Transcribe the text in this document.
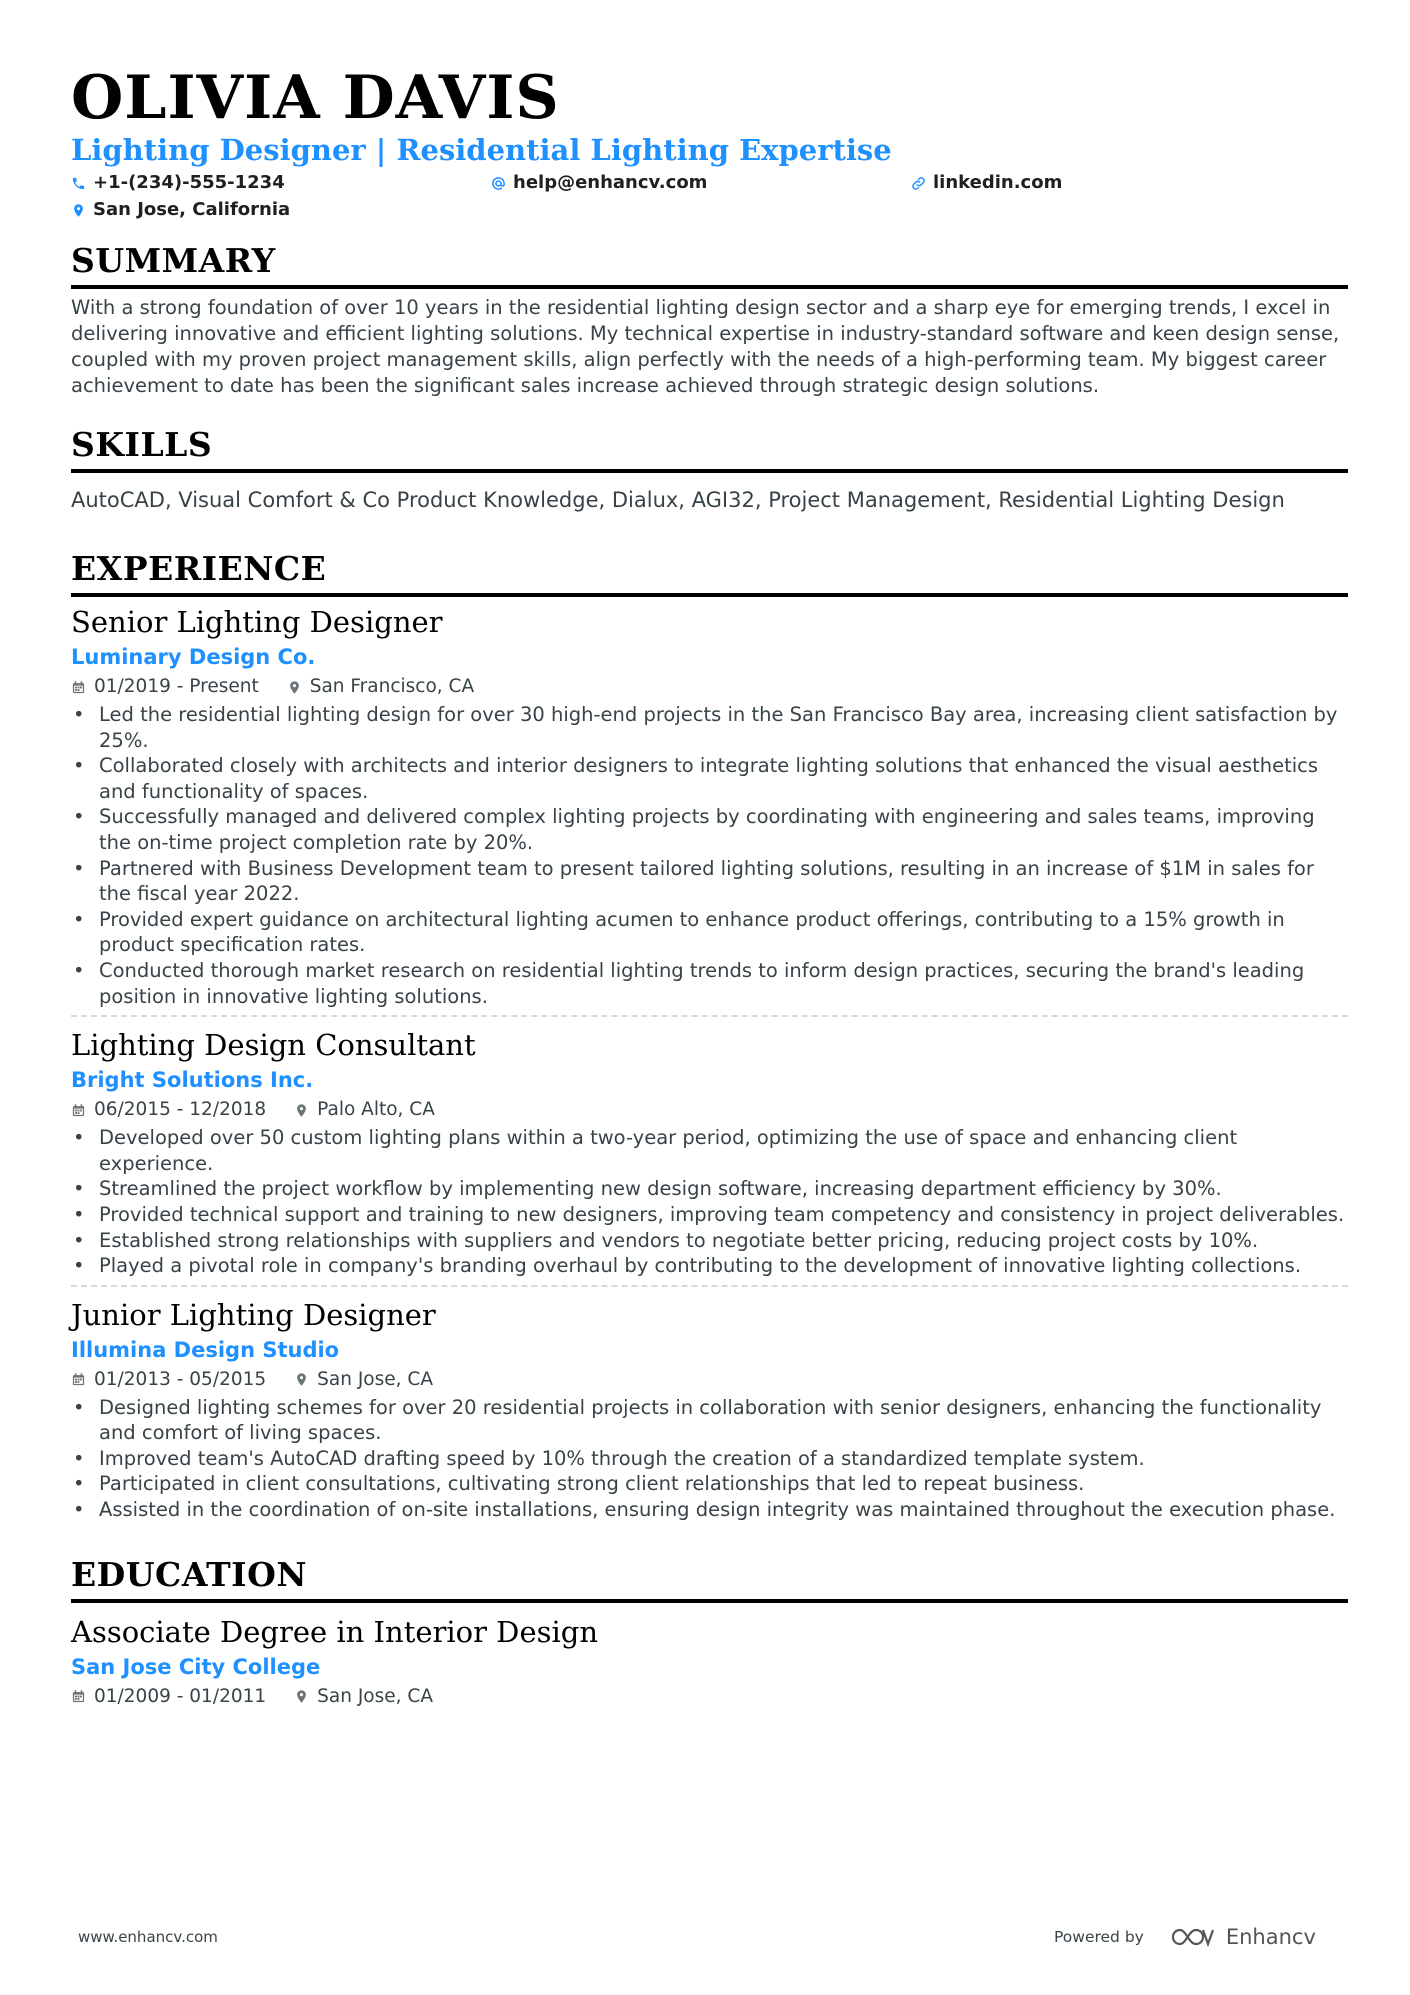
OLIVIA DAVIS
Lighting Designer | Residential Lighting Expertise
+1-(234)-555-1234	help@enhancv.com	linkedin.com
San Jose, California
SUMMARY

With a strong foundation of over 10 years in the residential lighting design sector and a sharp eye for emerging trends, I excel in delivering innovative and efficient lighting solutions. My technical expertise in industry-standard software and keen design sense, coupled with my proven project management skills, align perfectly with the needs of a high-performing team. My biggest career achievement to date has been the significant sales increase achieved through strategic design solutions.

SKILLS
AutoCAD, Visual Comfort & Co Product Knowledge, Dialux, AGI32, Project Management, Residential Lighting Design
EXPERIENCE
Senior Lighting Designer
Luminary Design Co.
01/2019 - Present	San Francisco, CA
• Led the residential lighting design for over 30 high-end projects in the San Francisco Bay area, increasing client satisfaction by 25%.
• Collaborated closely with architects and interior designers to integrate lighting solutions that enhanced the visual aesthetics and functionality of spaces.
• Successfully managed and delivered complex lighting projects by coordinating with engineering and sales teams, improving the on-time project completion rate by 20%.
• Partnered with Business Development team to present tailored lighting solutions, resulting in an increase of $1M in sales for the fiscal year 2022.
• Provided expert guidance on architectural lighting acumen to enhance product offerings, contributing to a 15% growth in product specification rates.
• Conducted thorough market research on residential lighting trends to inform design practices, securing the brand's leading position in innovative lighting solutions.
Lighting Design Consultant
Bright Solutions Inc.
06/2015 - 12/2018	Palo Alto, CA
• Developed over 50 custom lighting plans within a two-year period, optimizing the use of space and enhancing client experience.
• Streamlined the project workflow by implementing new design software, increasing department efficiency by 30%.
• Provided technical support and training to new designers, improving team competency and consistency in project deliverables.
• Established strong relationships with suppliers and vendors to negotiate better pricing, reducing project costs by 10%.
• Played a pivotal role in company's branding overhaul by contributing to the development of innovative lighting collections.
Junior Lighting Designer
Illumina Design Studio
01/2013 - 05/2015	San Jose, CA
• Designed lighting schemes for over 20 residential projects in collaboration with senior designers, enhancing the functionality and comfort of living spaces.
• Improved team's AutoCAD drafting speed by 10% through the creation of a standardized template system.
• Participated in client consultations, cultivating strong client relationships that led to repeat business.
• Assisted in the coordination of on-site installations, ensuring design integrity was maintained throughout the execution phase.
EDUCATION
Associate Degree in Interior Design
San Jose City College
01/2009 - 01/2011	San Jose, CA
www.enhancv.com	Powered by	Enhancv
